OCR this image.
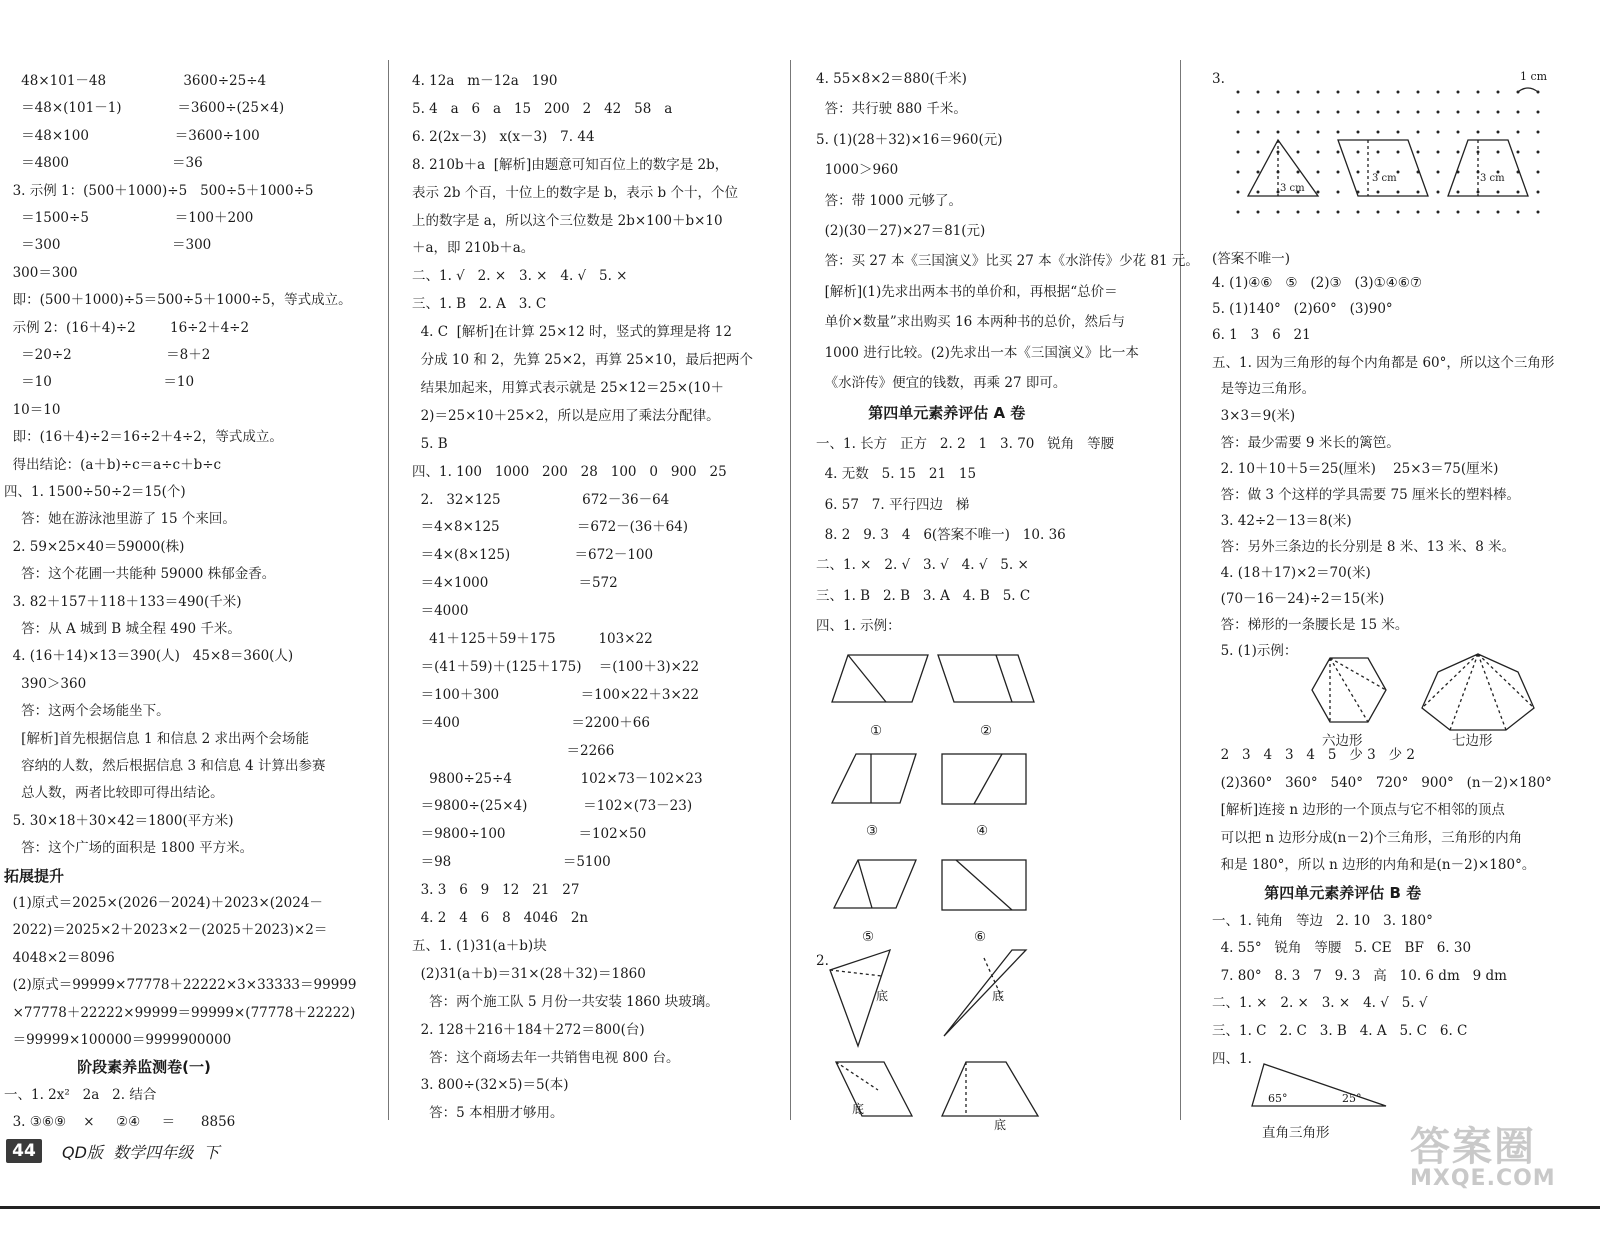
48×101－48                  3600÷25÷4
＝48×(101－1)             ＝3600÷(25×4)
＝48×100                    ＝3600÷100
＝4800                        ＝36
3. 示例 1：(500＋1000)÷5   500÷5＋1000÷5
＝1500÷5                    ＝100＋200
＝300                          ＝300
300＝300
即：(500＋1000)÷5＝500÷5＋1000÷5，等式成立。
示例 2：(16＋4)÷2        16÷2＋4÷2
＝20÷2                      ＝8＋2
＝10                          ＝10
10＝10
即：(16＋4)÷2＝16÷2＋4÷2，等式成立。
得出结论：(a＋b)÷c＝a÷c＋b÷c
四、1. 1500÷50÷2＝15(个)
答：她在游泳池里游了 15 个来回。
2. 59×25×40＝59000(株)
答：这个花圃一共能种 59000 株郁金香。
3. 82＋157＋118＋133＝490(千米)
答：从 A 城到 B 城全程 490 千米。
4. (16＋14)×13＝390(人)   45×8＝360(人)
390＞360
答：这两个会场能坐下。
[解析]首先根据信息 1 和信息 2 求出两个会场能
容纳的人数，然后根据信息 3 和信息 4 计算出参赛
总人数，两者比较即可得出结论。
5. 30×18＋30×42＝1800(平方米)
答：这个广场的面积是 1800 平方米。
拓展提升
(1)原式＝2025×(2026－2024)＋2023×(2024－
2022)＝2025×2＋2023×2－(2025＋2023)×2＝
4048×2＝8096
(2)原式＝99999×77778＋22222×3×33333＝99999
×77778＋22222×99999＝99999×(77778＋22222)
＝99999×100000＝9999900000
阶段素养监测卷(一)
一、1. 2x²   2a   2. 结合
3. ③⑥⑨    ×     ②④     ＝      8856
4. 12a   m－12a   190
5. 4   a   6   a   15   200   2   42   58   a
6. 2(2x－3)   x(x－3)   7. 44
8. 210b＋a  [解析]由题意可知百位上的数字是 2b，
表示 2b 个百，十位上的数字是 b，表示 b 个十，个位
上的数字是 a，所以这个三位数是 2b×100＋b×10
＋a，即 210b＋a。
二、1. √   2. ×   3. ×   4. √   5. ×
三、1. B   2. A   3. C
4. C  [解析]在计算 25×12 时，竖式的算理是将 12
分成 10 和 2，先算 25×2，再算 25×10，最后把两个
结果加起来，用算式表示就是 25×12＝25×(10＋
2)＝25×10＋25×2，所以是应用了乘法分配律。
5. B
四、1. 100   1000   200   28   100   0   900   25
2.   32×125                   672－36－64
＝4×8×125                  ＝672－(36＋64)
＝4×(8×125)               ＝672－100
＝4×1000                     ＝572
＝4000
41＋125＋59＋175          103×22
＝(41＋59)＋(125＋175)    ＝(100＋3)×22
＝100＋300                   ＝100×22＋3×22
＝400                          ＝2200＋66
＝2266
9800÷25÷4                102×73－102×23
＝9800÷(25×4)             ＝102×(73－23)
＝9800÷100                 ＝102×50
＝98                          ＝5100
3. 3   6   9   12   21   27
4. 2   4   6   8   4046   2n
五、1. (1)31(a＋b)块
(2)31(a＋b)＝31×(28＋32)＝1860
答：两个施工队 5 月份一共安装 1860 块玻璃。
2. 128＋216＋184＋272＝800(台)
答：这个商场去年一共销售电视 800 台。
3. 800÷(32×5)＝5(本)
答：5 本相册才够用。
4. 55×8×2＝880(千米)
答：共行驶 880 千米。
5. (1)(28＋32)×16＝960(元)
1000＞960
答：带 1000 元够了。
(2)(30－27)×27＝81(元)
答：买 27 本《三国演义》比买 27 本《水浒传》少花 81 元。
[解析](1)先求出两本书的单价和，再根据“总价＝
单价×数量”求出购买 16 本两种书的总价，然后与
1000 进行比较。(2)先求出一本《三国演义》比一本
《水浒传》便宜的钱数，再乘 27 即可。
第四单元素养评估 A 卷
一、1. 长方   正方   2. 2   1   3. 70   锐角   等腰
4. 无数   5. 15   21   15
6. 57   7. 平行四边   梯
8. 2   9. 3   4   6(答案不唯一)   10. 36
二、1. ×   2. √   3. √   4. √   5. ×
三、1. B   2. B   3. A   4. B   5. C
四、1. 示例：
3.
(答案不唯一)
4. (1)④⑥   ⑤   (2)③   (3)①④⑥⑦
5. (1)140°   (2)60°   (3)90°
6. 1   3   6   21
五、1. 因为三角形的每个内角都是 60°，所以这个三角形
是等边三角形。
3×3＝9(米)
答：最少需要 9 米长的篱笆。
2. 10＋10＋5＝25(厘米)    25×3＝75(厘米)
答：做 3 个这样的学具需要 75 厘米长的塑料棒。
3. 42÷2－13＝8(米)
答：另外三条边的长分别是 8 米、13 米、8 米。
4. (18＋17)×2＝70(米)
(70－16－24)÷2＝15(米)
答：梯形的一条腰长是 15 米。
5. (1)示例：
2   3   4   3   4   5   少 3   少 2
(2)360°   360°   540°   720°   900°   (n－2)×180°
[解析]连接 n 边形的一个顶点与它不相邻的顶点
可以把 n 边形分成(n－2)个三角形，三角形的内角
和是 180°，所以 n 边形的内角和是(n－2)×180°。
第四单元素养评估 B 卷
一、1. 钝角   等边   2. 10   3. 180°
4. 55°   锐角   等腰   5. CE   BF   6. 30
7. 80°   8. 3   7   9. 3   高   10. 6 dm   9 dm
二、1. ×   2. ×   3. ×   4. √   5. √
三、1. C   2. C   3. B   4. A   5. C   6. C
四、1.
①	②
③	④
⑤	⑥
2.
底	底
底
底
1 cm
3 cm
3 cm	3 cm
六边形	七边形
65°	25°
直角三角形
44	QD版  数学四年级  下	答案圈
MXQE.COM
